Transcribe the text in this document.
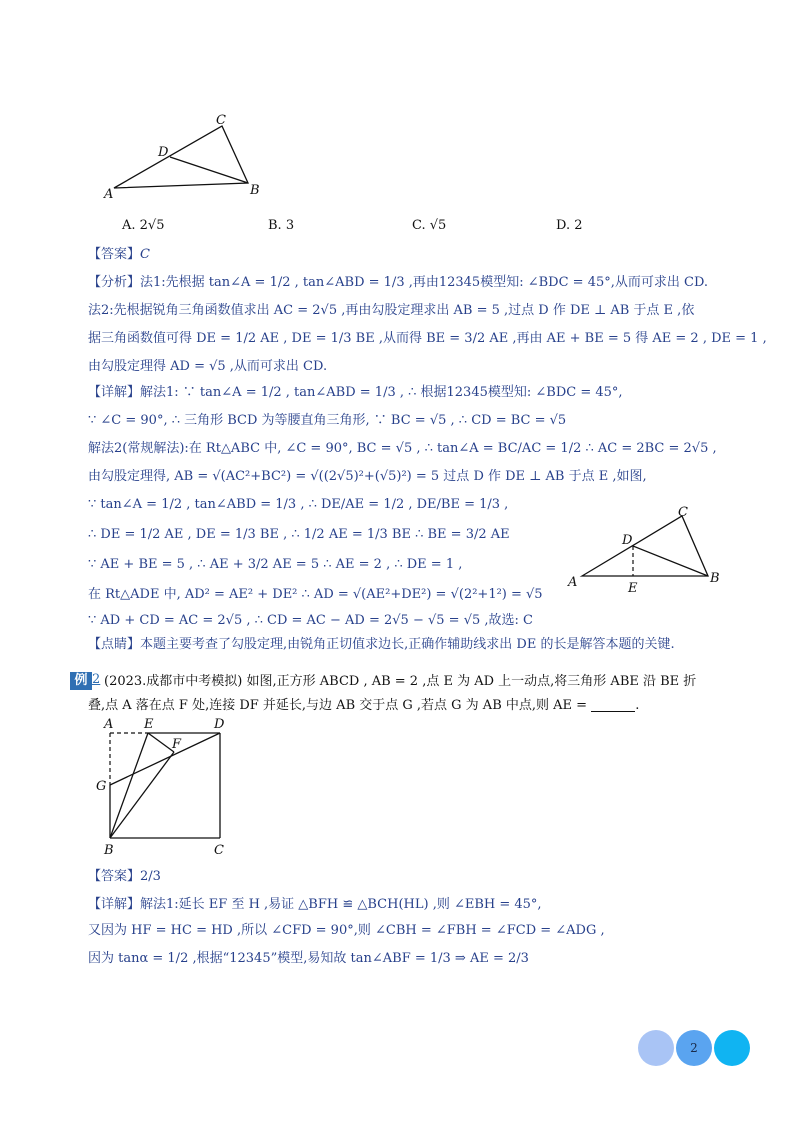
A	B
C
D
A. 2√5	B. 3	C. √5	D. 2
【答案】C
【分析】法1:先根据 tan∠A = 1/2 , tan∠ABD = 1/3 ,再由12345模型知: ∠BDC = 45°,从而可求出 CD.
法2:先根据锐角三角函数值求出 AC = 2√5 ,再由勾股定理求出 AB = 5 ,过点 D 作 DE ⊥ AB 于点 E ,依
据三角函数值可得 DE = 1/2 AE , DE = 1/3 BE ,从而得 BE = 3/2 AE ,再由 AE + BE = 5 得 AE = 2 , DE = 1 ,
由勾股定理得 AD = √5 ,从而可求出 CD.
【详解】解法1: ∵ tan∠A = 1/2 , tan∠ABD = 1/3 , ∴ 根据12345模型知: ∠BDC = 45°,
∵ ∠C = 90°, ∴ 三角形 BCD 为等腰直角三角形, ∵ BC = √5 , ∴ CD = BC = √5
解法2(常规解法):在 Rt△ABC 中, ∠C = 90°, BC = √5 , ∴ tan∠A = BC/AC = 1/2 ∴ AC = 2BC = 2√5 ,
由勾股定理得, AB = √(AC²+BC²) = √((2√5)²+(√5)²) = 5 过点 D 作 DE ⊥ AB 于点 E ,如图,
∵ tan∠A = 1/2 , tan∠ABD = 1/3 , ∴ DE/AE = 1/2 , DE/BE = 1/3 ,
∴ DE = 1/2 AE , DE = 1/3 BE , ∴ 1/2 AE = 1/3 BE ∴ BE = 3/2 AE
∵ AE + BE = 5 , ∴ AE + 3/2 AE = 5 ∴ AE = 2 , ∴ DE = 1 ,
在 Rt△ADE 中, AD² = AE² + DE² ∴ AD = √(AE²+DE²) = √(2²+1²) = √5
∵ AD + CD = AC = 2√5 , ∴ CD = AC − AD = 2√5 − √5 = √5 ,故选: C
A	B
C
D
E
【点睛】本题主要考查了勾股定理,由锐角正切值求边长,正确作辅助线求出 DE 的长是解答本题的关键.
例 2 (2023.成都市中考模拟) 如图,正方形 ABCD , AB = 2 ,点 E 为 AD 上一动点,将三角形 ABE 沿 BE 折
叠,点 A 落在点 F 处,连接 DF 并延长,与边 AB 交于点 G ,若点 G 为 AB 中点,则 AE =	.
A E	D
F
G
B	C
【答案】2/3
【详解】解法1:延长 EF 至 H ,易证 △BFH ≌ △BCH(HL) ,则 ∠EBH = 45°,
又因为 HF = HC = HD ,所以 ∠CFD = 90°,则 ∠CBH = ∠FBH = ∠FCD = ∠ADG ,
因为 tanα = 1/2 ,根据“12345”模型,易知故 tan∠ABF = 1/3 ⇒ AE = 2/3
2
